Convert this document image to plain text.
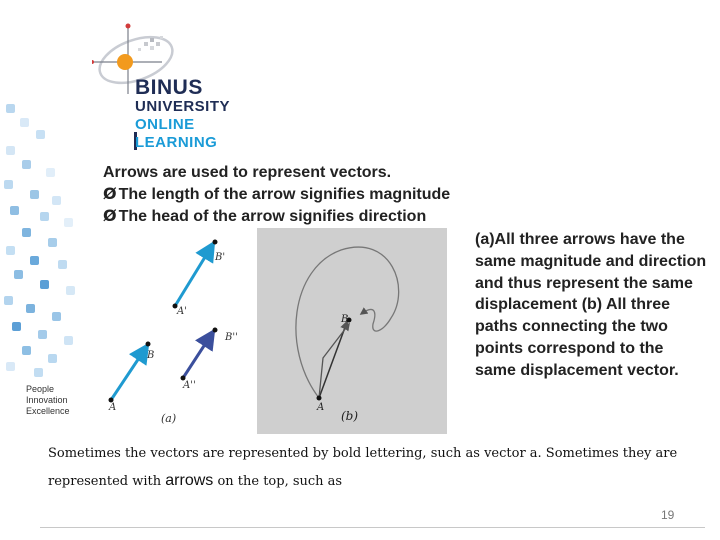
BINUS
UNIVERSITY
ONLINE
LEARNING
People
Innovation
Excellence
Arrows are used to represent vectors.
Ø The length of the arrow signifies magnitude
Ø The head of the arrow signifies direction
B'
A'
B
A
B''
A''
(a)
B
A
(b)
(a)All three arrows have the same magnitude and direction and thus represent the same displacement (b) All three paths connecting the two points correspond to the same displacement vector.
Sometimes the vectors are represented by bold lettering, such as vector a. Sometimes they are
represented with arrows on the top, such as
19
